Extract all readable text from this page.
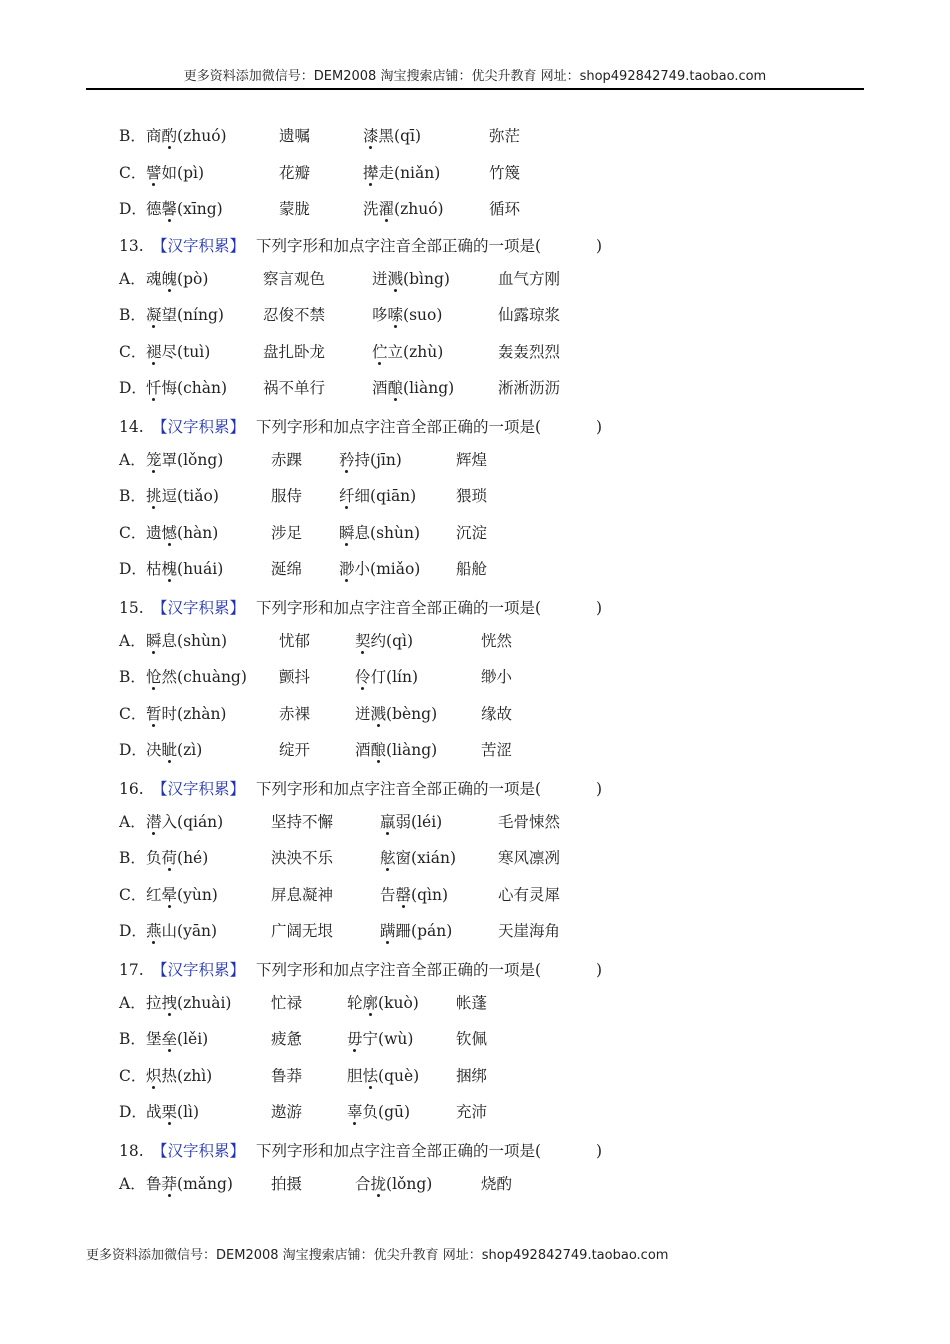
更多资料添加微信号：DEM2008 淘宝搜索店铺：优尖升教育 网址：shop492842749.taobao.com
B． 商酌(zhuó)	遗嘱	漆黑(qī)	弥茫
C． 譬如(pì)	花瓣	撵走(niǎn)	竹篾
D． 德馨(xīng)	蒙胧	洗濯(zhuó)	循环
13. 【汉字积累】 下列字形和加点字注音全部正确的一项是(	)
A． 魂魄(pò)	察言观色	迸溅(bìng)	血气方刚
B． 凝望(níng)	忍俊不禁	哆嗦(suo)	仙露琼浆
C． 褪尽(tuì)	盘扎卧龙	伫立(zhù)	轰轰烈烈
D． 忏悔(chàn) 祸不单行	酒酿(liàng)	淅淅沥沥
14. 【汉字积累】 下列字形和加点字注音全部正确的一项是(	)
A． 笼罩(lǒng)	赤踝 矜持(jīn)	辉煌
B． 挑逗(tiǎo)	服侍 纤细(qiān)	猥琐
C． 遗憾(hàn)	涉足 瞬息(shùn) 沉淀
D． 枯槐(huái)	涎绵 渺小(miǎo) 船舱
15. 【汉字积累】 下列字形和加点字注音全部正确的一项是(	)
A． 瞬息(shùn)	忧郁	契约(qì)	恍然
B． 怆然(chuàng) 颤抖	伶仃(lín)	缈小
C． 暂时(zhàn)	赤裸	迸溅(bèng)	缘故
D． 决眦(zì)	绽开	酒酿(liàng)	苦涩
16. 【汉字积累】 下列字形和加点字注音全部正确的一项是(	)
A． 潜入(qián)	坚持不懈	羸弱(léi)	毛骨悚然
B． 负荷(hé)	泱泱不乐	舷窗(xián)	寒风凛冽
C． 红晕(yùn)	屏息凝神	告罄(qìn)	心有灵犀
D． 燕山(yān)	广阔无垠	蹒跚(pán)	天崖海角
17. 【汉字积累】 下列字形和加点字注音全部正确的一项是(	)
A． 拉拽(zhuài)	忙禄	轮廓(kuò) 帐蓬
B． 堡垒(lěi)	疲惫	毋宁(wù)	钦佩
C． 炽热(zhì)	鲁莽	胆怯(què) 捆绑
D． 战栗(lì)	遨游	辜负(gū)	充沛
18. 【汉字积累】 下列字形和加点字注音全部正确的一项是(	)
A． 鲁莽(mǎng) 拍摄	合拢(lǒng)	烧酌
更多资料添加微信号：DEM2008 淘宝搜索店铺：优尖升教育 网址：shop492842749.taobao.com
